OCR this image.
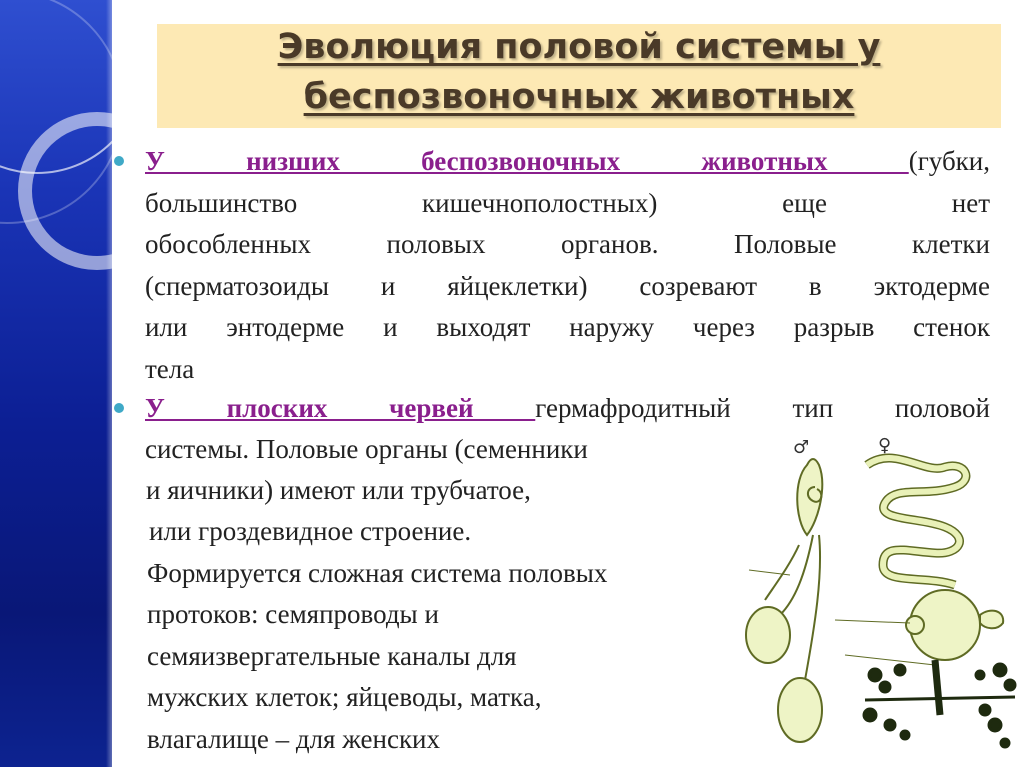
Эволюция половой системы у
беспозвоночных животных
У низших беспозвоночных животных (губки,
большинство кишечнополостных) еще нет
обособленных половых органов. Половые клетки
(сперматозоиды и яйцеклетки) созревают в эктодерме
или энтодерме и выходят наружу через разрыв стенок
тела
У плоских червей гермафродитный тип половой
системы. Половые органы (семенники
и яичники) имеют или трубчатое,
или гроздевидное строение.
Формируется сложная система половых
протоков: семяпроводы и
семяизвергательные каналы для
мужских клеток; яйцеводы, матка,
влагалище – для женских
♂	♀
